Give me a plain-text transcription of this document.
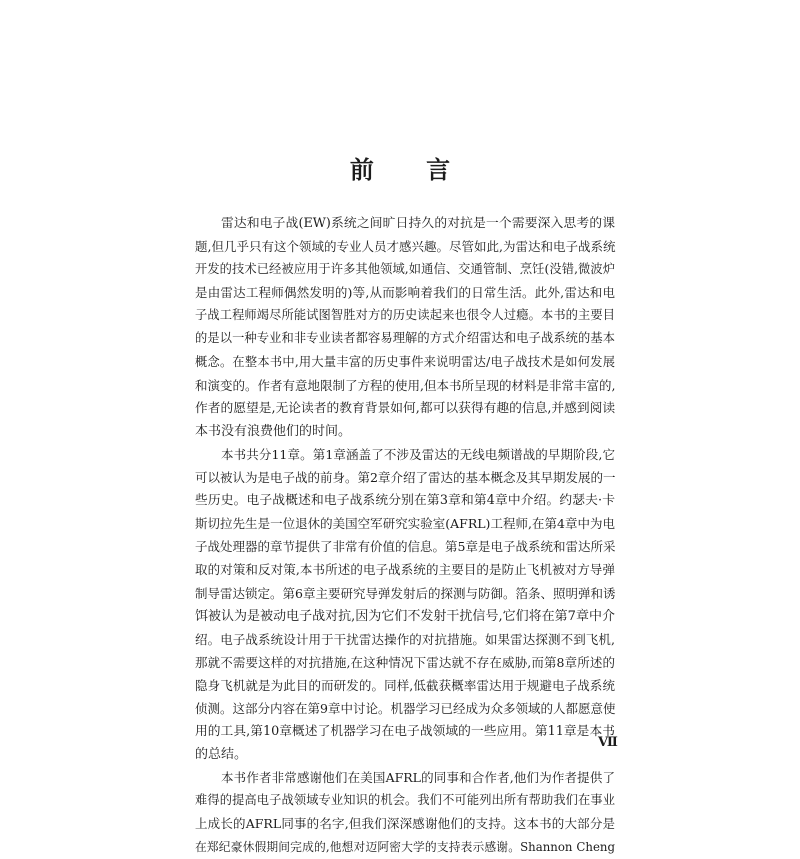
前 言

雷达和电子战(EW)系统之间旷日持久的对抗是一个需要深入思考的课

题,但几乎只有这个领域的专业人员才感兴趣。尽管如此,为雷达和电子战系统

开发的技术已经被应用于许多其他领域,如通信、交通管制、烹饪(没错,微波炉

是由雷达工程师偶然发明的)等,从而影响着我们的日常生活。此外,雷达和电

子战工程师竭尽所能试图智胜对方的历史读起来也很令人过瘾。本书的主要目

的是以一种专业和非专业读者都容易理解的方式介绍雷达和电子战系统的基本

概念。在整本书中,用大量丰富的历史事件来说明雷达/电子战技术是如何发展

和演变的。作者有意地限制了方程的使用,但本书所呈现的材料是非常丰富的,

作者的愿望是,无论读者的教育背景如何,都可以获得有趣的信息,并感到阅读

本书没有浪费他们的时间。

本书共分11章。第1章涵盖了不涉及雷达的无线电频谱战的早期阶段,它

可以被认为是电子战的前身。第2章介绍了雷达的基本概念及其早期发展的一

些历史。电子战概述和电子战系统分别在第3章和第4章中介绍。约瑟夫·卡

斯切拉先生是一位退休的美国空军研究实验室(AFRL)工程师,在第4章中为电

子战处理器的章节提供了非常有价值的信息。第5章是电子战系统和雷达所采

取的对策和反对策,本书所述的电子战系统的主要目的是防止飞机被对方导弹

制导雷达锁定。第6章主要研究导弹发射后的探测与防御。箔条、照明弹和诱

饵被认为是被动电子战对抗,因为它们不发射干扰信号,它们将在第7章中介

绍。电子战系统设计用于干扰雷达操作的对抗措施。如果雷达探测不到飞机,

那就不需要这样的对抗措施,在这种情况下雷达就不存在威胁,而第8章所述的

隐身飞机就是为此目的而研发的。同样,低截获概率雷达用于规避电子战系统

侦测。这部分内容在第9章中讨论。机器学习已经成为众多领域的人都愿意使

用的工具,第10章概述了机器学习在电子战领域的一些应用。第11章是本书

的总结。

本书作者非常感谢他们在美国AFRL的同事和合作者,他们为作者提供了

难得的提高电子战领域专业知识的机会。我们不可能列出所有帮助我们在事业

上成长的AFRL同事的名字,但我们深深感谢他们的支持。这本书的大部分是

在郑纪豪休假期间完成的,他想对迈阿密大学的支持表示感谢。Shannon Cheng

Ⅶ
